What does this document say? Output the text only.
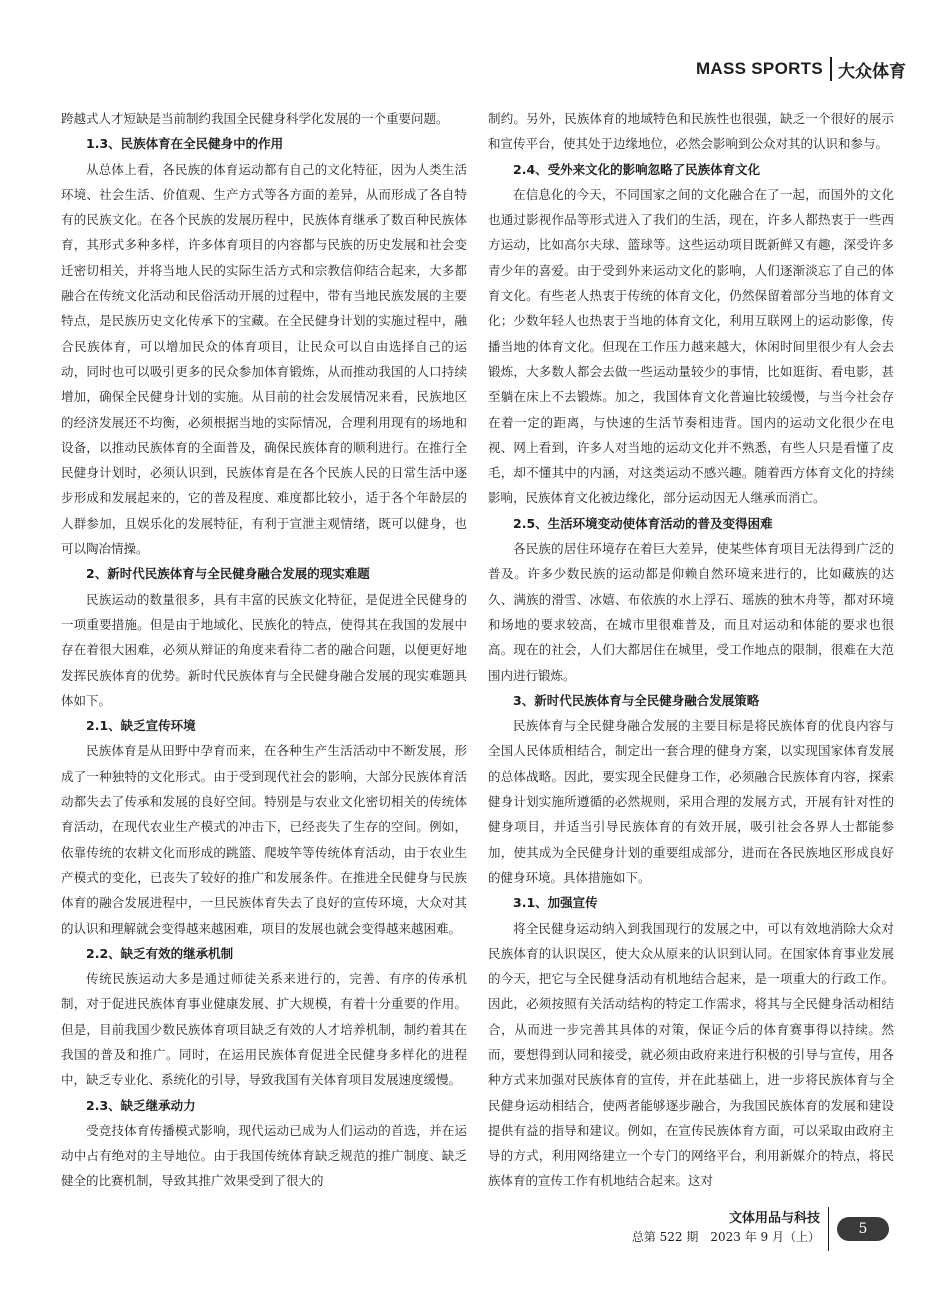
MASS SPORTS 大众体育

跨越式人才短缺是当前制约我国全民健身科学化发展的一个重要问题。

1.3、民族体育在全民健身中的作用

从总体上看，各民族的体育运动都有自己的文化特征，因为人类生活环境、社会生活、价值观、生产方式等各方面的差异，从而形成了各自特有的民族文化。在各个民族的发展历程中，民族体育继承了数百种民族体育，其形式多种多样，许多体育项目的内容都与民族的历史发展和社会变迁密切相关，并将当地人民的实际生活方式和宗教信仰结合起来，大多都融合在传统文化活动和民俗活动开展的过程中，带有当地民族发展的主要特点，是民族历史文化传承下的宝藏。在全民健身计划的实施过程中，融合民族体育，可以增加民众的体育项目，让民众可以自由选择自己的运动，同时也可以吸引更多的民众参加体育锻炼，从而推动我国的人口持续增加，确保全民健身计划的实施。从目前的社会发展情况来看，民族地区的经济发展还不均衡，必须根据当地的实际情况，合理利用现有的场地和设备，以推动民族体育的全面普及，确保民族体育的顺利进行。在推行全民健身计划时，必须认识到，民族体育是在各个民族人民的日常生活中逐步形成和发展起来的，它的普及程度、难度都比较小，适于各个年龄层的人群参加，且娱乐化的发展特征，有利于宣泄主观情绪，既可以健身，也可以陶冶情操。

2、新时代民族体育与全民健身融合发展的现实难题

民族运动的数量很多，具有丰富的民族文化特征，是促进全民健身的一项重要措施。但是由于地域化、民族化的特点，使得其在我国的发展中存在着很大困难，必须从辩证的角度来看待二者的融合问题，以便更好地发挥民族体育的优势。新时代民族体育与全民健身融合发展的现实难题具体如下。

2.1、缺乏宣传环境

民族体育是从田野中孕育而来，在各种生产生活活动中不断发展，形成了一种独特的文化形式。由于受到现代社会的影响，大部分民族体育活动都失去了传承和发展的良好空间。特别是与农业文化密切相关的传统体育活动，在现代农业生产模式的冲击下，已经丧失了生存的空间。例如，依靠传统的农耕文化而形成的跳篮、爬坡竿等传统体育活动，由于农业生产模式的变化，已丧失了较好的推广和发展条件。在推进全民健身与民族体育的融合发展进程中，一旦民族体育失去了良好的宣传环境，大众对其的认识和理解就会变得越来越困难，项目的发展也就会变得越来越困难。

2.2、缺乏有效的继承机制

传统民族运动大多是通过师徒关系来进行的，完善、有序的传承机制，对于促进民族体育事业健康发展、扩大规模，有着十分重要的作用。但是，目前我国少数民族体育项目缺乏有效的人才培养机制，制约着其在我国的普及和推广。同时，在运用民族体育促进全民健身多样化的进程中，缺乏专业化、系统化的引导，导致我国有关体育项目发展速度缓慢。

2.3、缺乏继承动力

受竞技体育传播模式影响，现代运动已成为人们运动的首选，并在运动中占有绝对的主导地位。由于我国传统体育缺乏规范的推广制度、缺乏健全的比赛机制，导致其推广效果受到了很大的

制约。另外，民族体育的地域特色和民族性也很强，缺乏一个很好的展示和宣传平台，使其处于边缘地位，必然会影响到公众对其的认识和参与。

2.4、受外来文化的影响忽略了民族体育文化

在信息化的今天，不同国家之间的文化融合在了一起，而国外的文化也通过影视作品等形式进入了我们的生活，现在，许多人都热衷于一些西方运动，比如高尔夫球、篮球等。这些运动项目既新鲜又有趣，深受许多青少年的喜爱。由于受到外来运动文化的影响，人们逐渐淡忘了自己的体育文化。有些老人热衷于传统的体育文化，仍然保留着部分当地的体育文化；少数年轻人也热衷于当地的体育文化，利用互联网上的运动影像，传播当地的体育文化。但现在工作压力越来越大，休闲时间里很少有人会去锻炼，大多数人都会去做一些运动量较少的事情，比如逛街、看电影，甚至躺在床上不去锻炼。加之，我国体育文化普遍比较缓慢，与当今社会存在着一定的距离，与快速的生活节奏相违背。国内的运动文化很少在电视、网上看到，许多人对当地的运动文化并不熟悉，有些人只是看懂了皮毛，却不懂其中的内涵，对这类运动不感兴趣。随着西方体育文化的持续影响，民族体育文化被边缘化，部分运动因无人继承而消亡。

2.5、生活环境变动使体育活动的普及变得困难

各民族的居住环境存在着巨大差异，使某些体育项目无法得到广泛的普及。许多少数民族的运动都是仰赖自然环境来进行的，比如藏族的达久、满族的滑雪、冰嬉、布依族的水上浮石、瑶族的独木舟等，都对环境和场地的要求较高，在城市里很难普及，而且对运动和体能的要求也很高。现在的社会，人们大都居住在城里，受工作地点的限制，很难在大范围内进行锻炼。

3、新时代民族体育与全民健身融合发展策略

民族体育与全民健身融合发展的主要目标是将民族体育的优良内容与全国人民体质相结合，制定出一套合理的健身方案，以实现国家体育发展的总体战略。因此，要实现全民健身工作，必须融合民族体育内容，探索健身计划实施所遵循的必然规则，采用合理的发展方式，开展有针对性的健身项目，并适当引导民族体育的有效开展，吸引社会各界人士都能参加，使其成为全民健身计划的重要组成部分，进而在各民族地区形成良好的健身环境。具体措施如下。

3.1、加强宣传

将全民健身运动纳入到我国现行的发展之中，可以有效地消除大众对民族体育的认识误区，使大众从原来的认识到认同。在国家体育事业发展的今天，把它与全民健身活动有机地结合起来，是一项重大的行政工作。因此，必须按照有关活动结构的特定工作需求，将其与全民健身活动相结合，从而进一步完善其具体的对策，保证今后的体育赛事得以持续。然而，要想得到认同和接受，就必须由政府来进行积极的引导与宣传，用各种方式来加强对民族体育的宣传，并在此基础上，进一步将民族体育与全民健身运动相结合，使两者能够逐步融合，为我国民族体育的发展和建设提供有益的指导和建议。例如，在宣传民族体育方面，可以采取由政府主导的方式，利用网络建立一个专门的网络平台，利用新媒介的特点，将民族体育的宣传工作有机地结合起来。这对

文体用品与科技
总第 522 期　2023 年 9 月（上）	5
